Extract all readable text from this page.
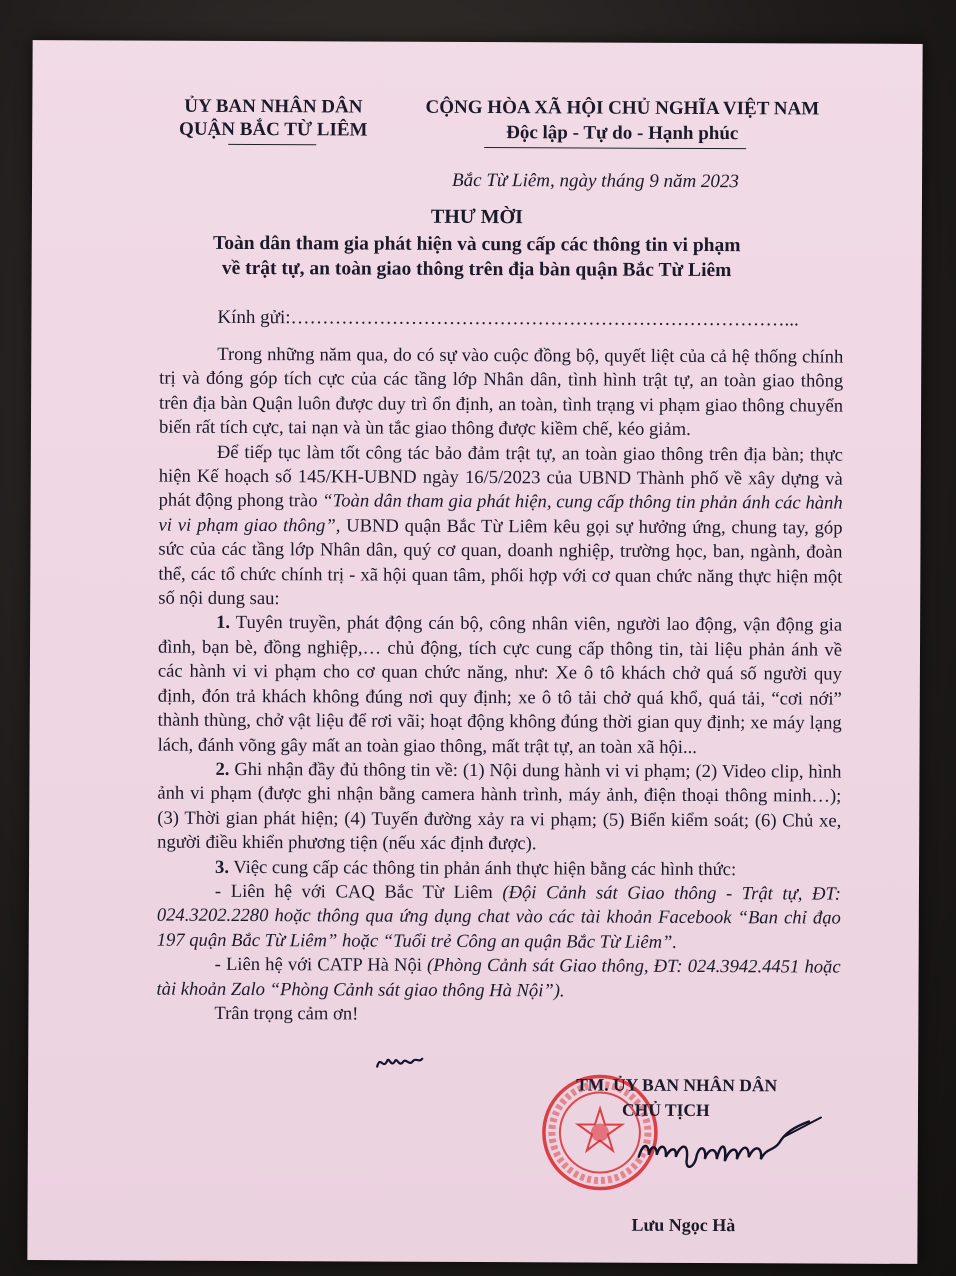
ỦY BAN NHÂN DÂN
QUẬN BẮC TỪ LIÊM
CỘNG HÒA XÃ HỘI CHỦ NGHĨA VIỆT NAM
Độc lập - Tự do - Hạnh phúc
Bắc Từ Liêm, ngày tháng 9 năm 2023
THƯ MỜI
Toàn dân tham gia phát hiện và cung cấp các thông tin vi phạm
về trật tự, an toàn giao thông trên địa bàn quận Bắc Từ Liêm
Kính gửi:……………………………………………………………………...

Trong những năm qua, do có sự vào cuộc đồng bộ, quyết liệt của cả hệ thống chính trị và đóng góp tích cực của các tầng lớp Nhân dân, tình hình trật tự, an toàn giao thông trên địa bàn Quận luôn được duy trì ổn định, an toàn, tình trạng vi phạm giao thông chuyển biến rất tích cực, tai nạn và ùn tắc giao thông được kiềm chế, kéo giảm.

Để tiếp tục làm tốt công tác bảo đảm trật tự, an toàn giao thông trên địa bàn; thực hiện Kế hoạch số 145/KH-UBND ngày 16/5/2023 của UBND Thành phố về xây dựng và phát động phong trào “Toàn dân tham gia phát hiện, cung cấp thông tin phản ánh các hành vi vi phạm giao thông”, UBND quận Bắc Từ Liêm kêu gọi sự hưởng ứng, chung tay, góp sức của các tầng lớp Nhân dân, quý cơ quan, doanh nghiệp, trường học, ban, ngành, đoàn thể, các tổ chức chính trị - xã hội quan tâm, phối hợp với cơ quan chức năng thực hiện một số nội dung sau:

1. Tuyên truyền, phát động cán bộ, công nhân viên, người lao động, vận động gia đình, bạn bè, đồng nghiệp,… chủ động, tích cực cung cấp thông tin, tài liệu phản ánh về các hành vi vi phạm cho cơ quan chức năng, như: Xe ô tô khách chở quá số người quy định, đón trả khách không đúng nơi quy định; xe ô tô tải chở quá khổ, quá tải, “cơi nới” thành thùng, chở vật liệu để rơi vãi; hoạt động không đúng thời gian quy định; xe máy lạng lách, đánh võng gây mất an toàn giao thông, mất trật tự, an toàn xã hội...

2. Ghi nhận đầy đủ thông tin về: (1) Nội dung hành vi vi phạm; (2) Video clip, hình ảnh vi phạm (được ghi nhận bằng camera hành trình, máy ảnh, điện thoại thông minh…); (3) Thời gian phát hiện; (4) Tuyến đường xảy ra vi phạm; (5) Biển kiểm soát; (6) Chủ xe, người điều khiển phương tiện (nếu xác định được).

3. Việc cung cấp các thông tin phản ánh thực hiện bằng các hình thức:

- Liên hệ với CAQ Bắc Từ Liêm (Đội Cảnh sát Giao thông - Trật tự, ĐT: 024.3202.2280 hoặc thông qua ứng dụng chat vào các tài khoản Facebook “Ban chỉ đạo 197 quận Bắc Từ Liêm” hoặc “Tuổi trẻ Công an quận Bắc Từ Liêm”.

- Liên hệ với CATP Hà Nội (Phòng Cảnh sát Giao thông, ĐT: 024.3942.4451 hoặc tài khoản Zalo “Phòng Cảnh sát giao thông Hà Nội”).

Trân trọng cảm ơn!

TM. ỦY BAN NHÂN DÂN
CHỦ TỊCH
Lưu Ngọc Hà
